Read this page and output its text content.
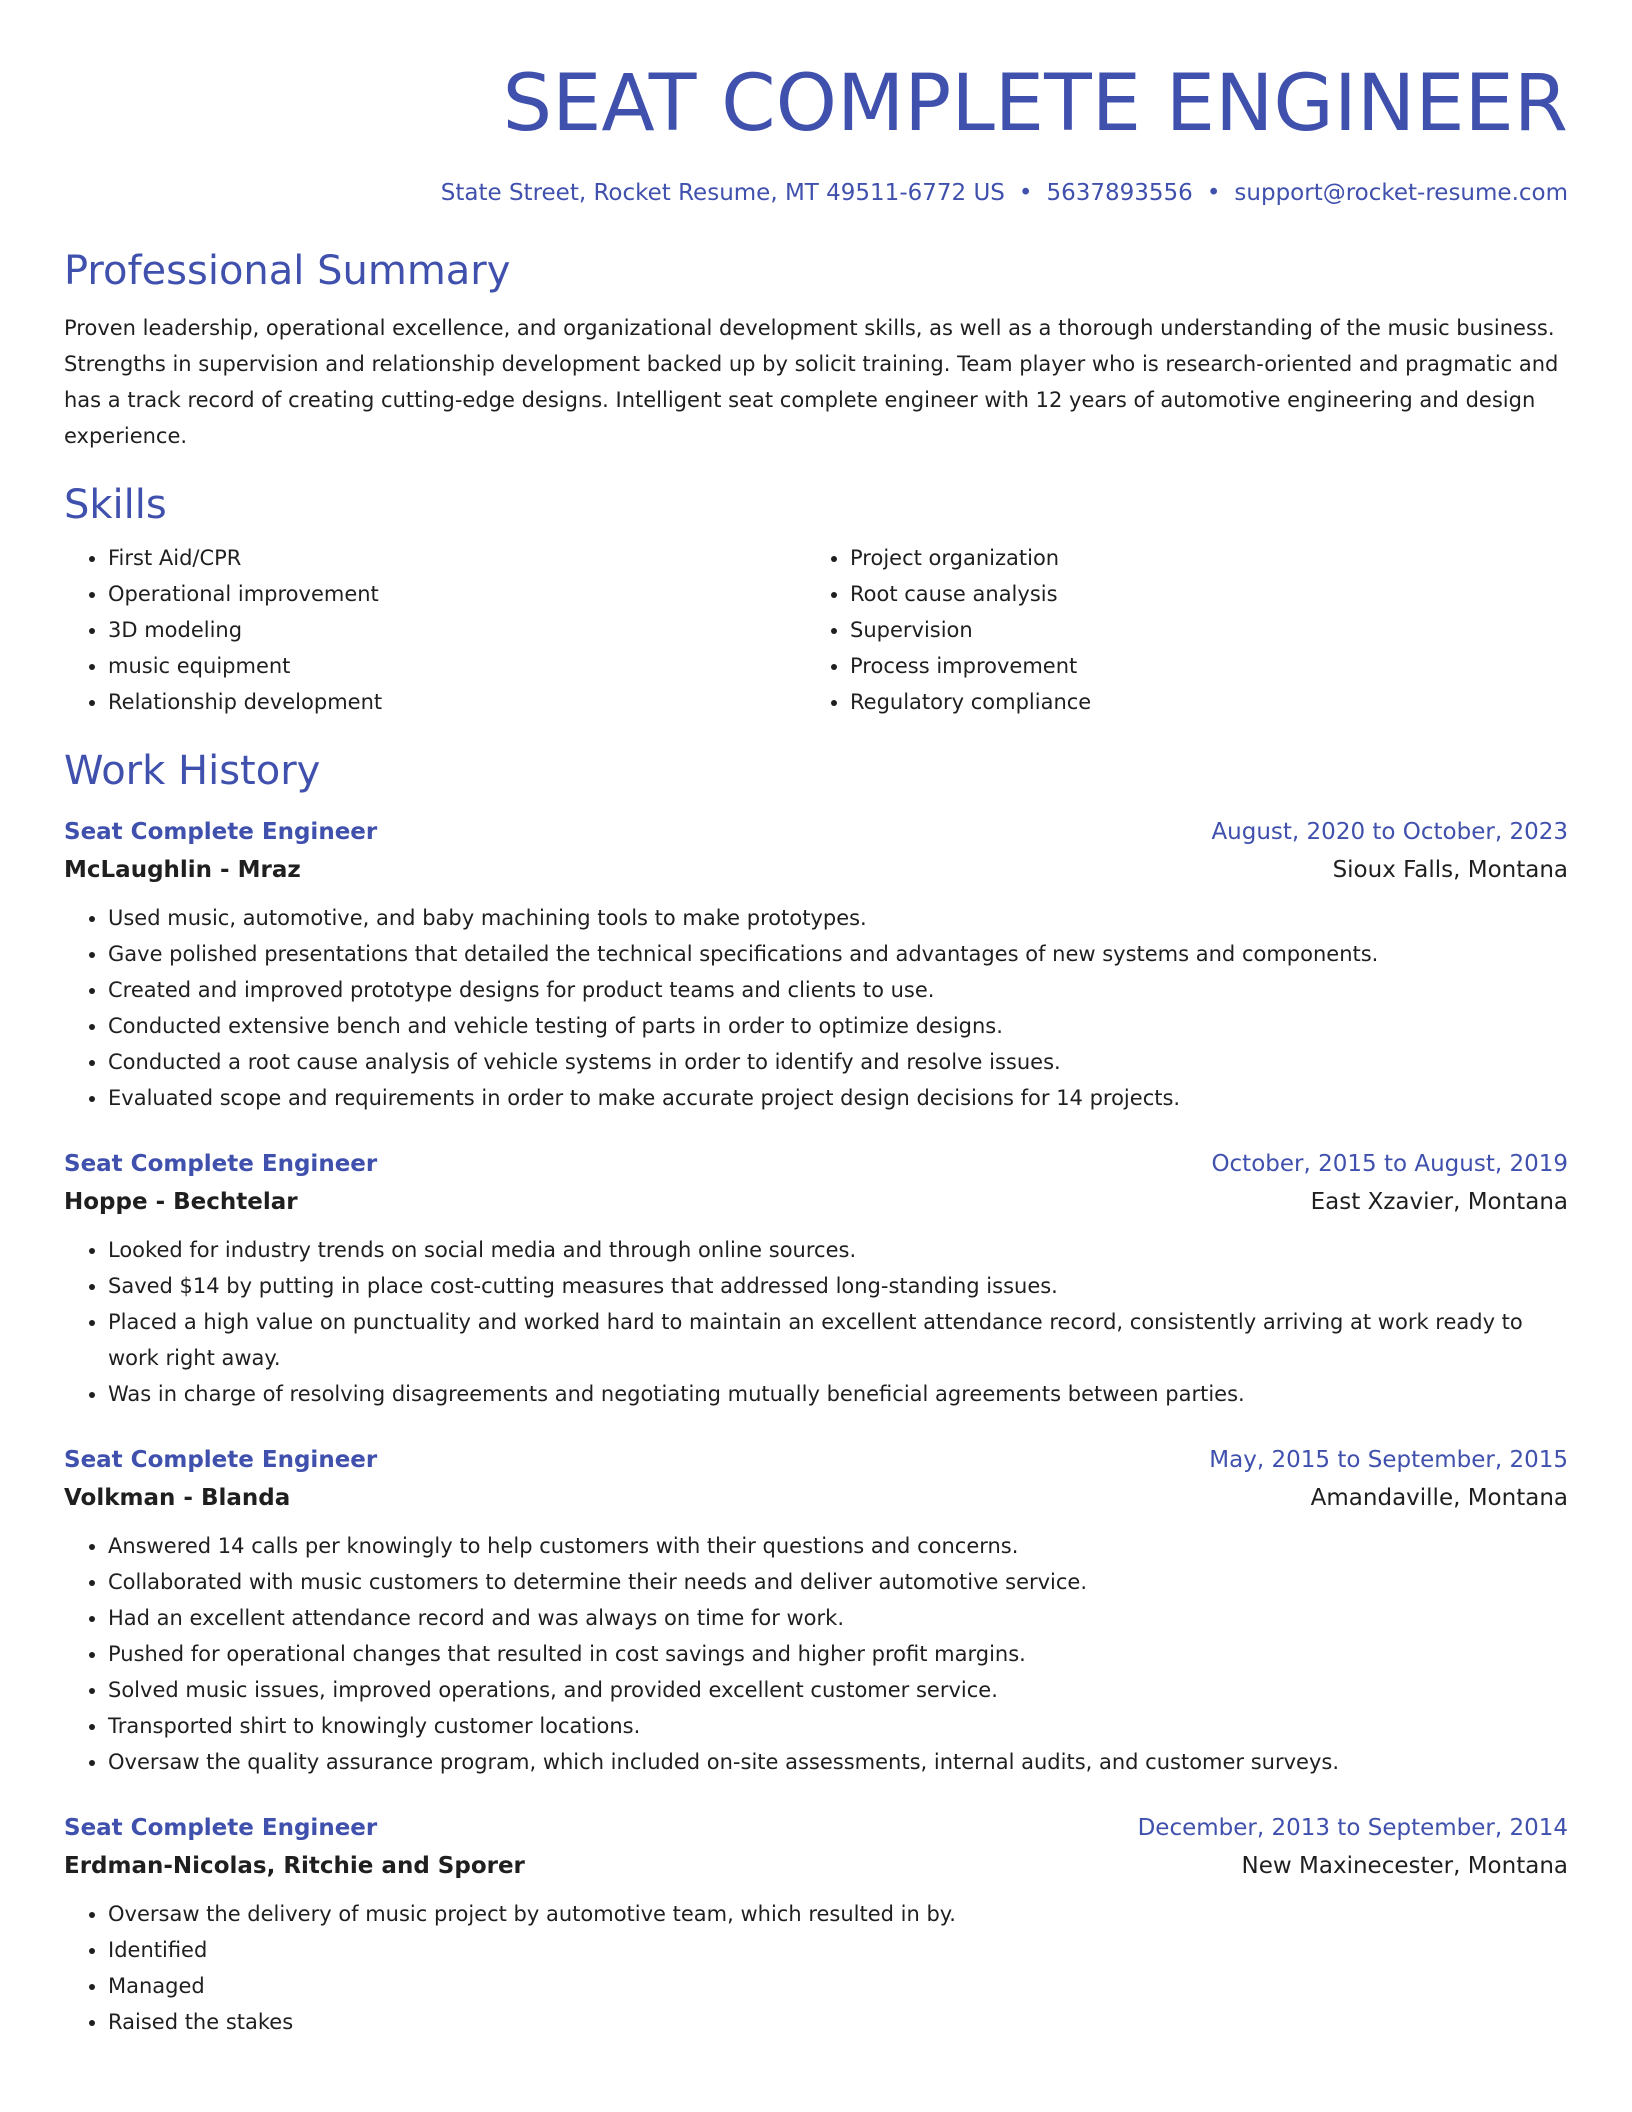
SEAT COMPLETE ENGINEER
State Street, Rocket Resume, MT 49511-6772 US • 5637893556 • support@rocket-resume.com
Professional Summary
Proven leadership, operational excellence, and organizational development skills, as well as a thorough understanding of the music business. Strengths in supervision and relationship development backed up by solicit training. Team player who is research-oriented and pragmatic and has a track record of creating cutting-edge designs. Intelligent seat complete engineer with 12 years of automotive engineering and design experience.
Skills
• First Aid/CPR
• Operational improvement
• 3D modeling
• music equipment
• Relationship development
• Project organization
• Root cause analysis
• Supervision
• Process improvement
• Regulatory compliance
Work History
Seat Complete Engineer	August, 2020 to October, 2023
McLaughlin - Mraz	Sioux Falls, Montana
• Used music, automotive, and baby machining tools to make prototypes.
• Gave polished presentations that detailed the technical specifications and advantages of new systems and components.
• Created and improved prototype designs for product teams and clients to use.
• Conducted extensive bench and vehicle testing of parts in order to optimize designs.
• Conducted a root cause analysis of vehicle systems in order to identify and resolve issues.
• Evaluated scope and requirements in order to make accurate project design decisions for 14 projects.
Seat Complete Engineer	October, 2015 to August, 2019
Hoppe - Bechtelar	East Xzavier, Montana
• Looked for industry trends on social media and through online sources.
• Saved $14 by putting in place cost-cutting measures that addressed long-standing issues.
• Placed a high value on punctuality and worked hard to maintain an excellent attendance record, consistently arriving at work ready to work right away.
• Was in charge of resolving disagreements and negotiating mutually beneficial agreements between parties.
Seat Complete Engineer	May, 2015 to September, 2015
Volkman - Blanda	Amandaville, Montana
• Answered 14 calls per knowingly to help customers with their questions and concerns.
• Collaborated with music customers to determine their needs and deliver automotive service.
• Had an excellent attendance record and was always on time for work.
• Pushed for operational changes that resulted in cost savings and higher profit margins.
• Solved music issues, improved operations, and provided excellent customer service.
• Transported shirt to knowingly customer locations.
• Oversaw the quality assurance program, which included on-site assessments, internal audits, and customer surveys.
Seat Complete Engineer	December, 2013 to September, 2014
Erdman-Nicolas, Ritchie and Sporer	New Maxinecester, Montana
• Oversaw the delivery of music project by automotive team, which resulted in by.
• Identified
• Managed
• Raised the stakes
